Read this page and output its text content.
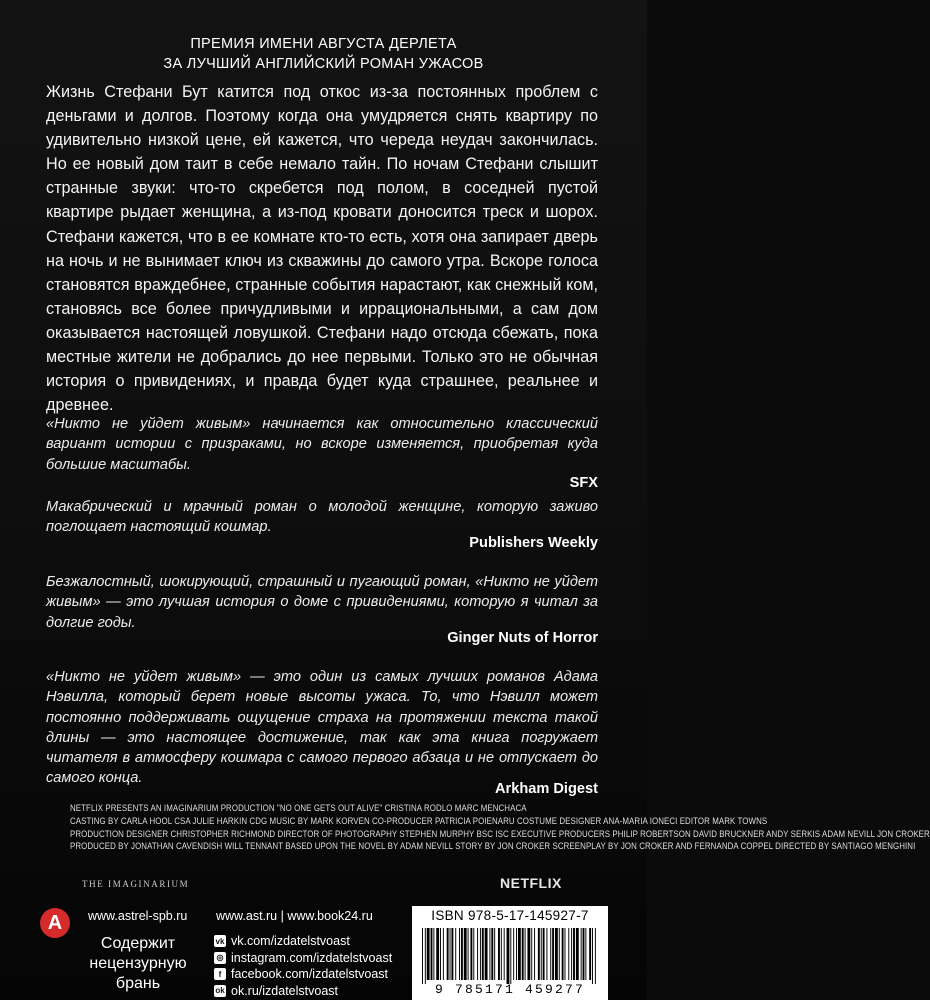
ПРЕМИЯ ИМЕНИ АВГУСТА ДЕРЛЕТА
ЗА ЛУЧШИЙ АНГЛИЙСКИЙ РОМАН УЖАСОВ
Жизнь Стефани Бут катится под откос из-за постоянных проблем с деньгами и долгов. Поэтому когда она умудряется снять квартиру по удивительно низкой цене, ей кажется, что череда неудач закончилась. Но ее новый дом таит в себе немало тайн. По ночам Стефани слышит странные звуки: что-то скребется под полом, в соседней пустой квартире рыдает женщина, а из-под кровати доносится треск и шорох. Стефани кажется, что в ее комнате кто-то есть, хотя она запирает дверь на ночь и не вынимает ключ из скважины до самого утра. Вскоре голоса становятся враждебнее, странные события нарастают, как снежный ком, становясь все более причудливыми и иррациональными, а сам дом оказывается настоящей ловушкой. Стефани надо отсюда сбежать, пока местные жители не добрались до нее первыми. Только это не обычная история о привидениях, и правда будет куда страшнее, реальнее и древнее.
«Никто не уйдет живым» начинается как относительно классический вариант истории с призраками, но вскоре изменяется, приобретая куда большие масштабы.
SFX
Макабрический и мрачный роман о молодой женщине, которую заживо поглощает настоящий кошмар.
Publishers Weekly
Безжалостный, шокирующий, страшный и пугающий роман, «Никто не уйдет живым» — это лучшая история о доме с привидениями, которую я читал за долгие годы.
Ginger Nuts of Horror
«Никто не уйдет живым» — это один из самых лучших романов Адама Нэвилла, который берет новые высоты ужаса. То, что Нэвилл может постоянно поддерживать ощущение страха на протяжении текста такой длины — это настоящее достижение, так как эта книга погружает читателя в атмосферу кошмара с самого первого абзаца и не отпускает до самого конца.
Arkham Digest
NETFLIX PRESENTS AN IMAGINARIUM PRODUCTION "NO ONE GETS OUT ALIVE" CRISTINA RODLO MARC MENCHACA
CASTING BY CARLA HOOL CSA JULIE HARKIN CDG MUSIC BY MARK KORVEN CO-PRODUCER PATRICIA POIENARU COSTUME DESIGNER ANA-MARIA IONECI EDITOR MARK TOWNS
PRODUCTION DESIGNER CHRISTOPHER RICHMOND DIRECTOR OF PHOTOGRAPHY STEPHEN MURPHY BSC ISC EXECUTIVE PRODUCERS PHILIP ROBERTSON DAVID BRUCKNER ANDY SERKIS ADAM NEVILL JON CROKER
PRODUCED BY JONATHAN CAVENDISH WILL TENNANT BASED UPON THE NOVEL BY ADAM NEVILL STORY BY JON CROKER SCREENPLAY BY JON CROKER AND FERNANDA COPPEL DIRECTED BY SANTIAGO MENGHINI
THE IMAGINARIUM	NETFLIX
A	www.astrel-spb.ru www.ast.ru | www.book24.ru
Содержит нецензурную брань
vk vk.com/izdatelstvoast
◎ instagram.com/izdatelstvoast
f facebook.com/izdatelstvoast
ok ok.ru/izdatelstvoast
ISBN 978-5-17-145927-7
9 785171 459277
